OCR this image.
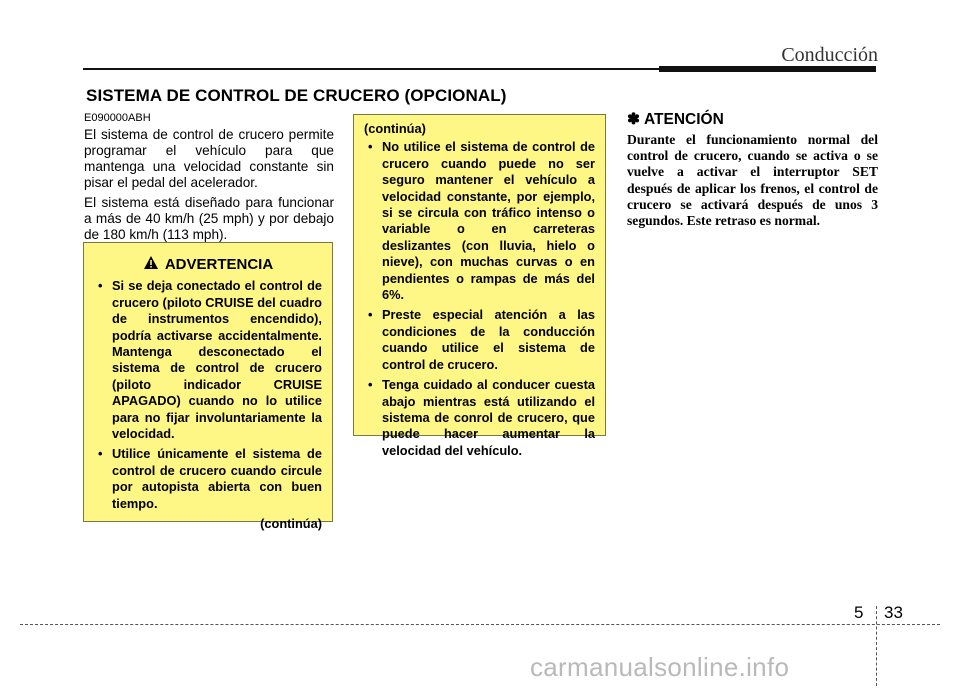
Conducción
SISTEMA DE CONTROL DE CRUCERO (OPCIONAL)
E090000ABH

El sistema de control de crucero permite programar el vehículo para que mantenga una velocidad constante sin pisar el pedal del acelerador.

El sistema está diseñado para funcionar a más de 40 km/h (25 mph) y por debajo de 180 km/h (113 mph).

ADVERTENCIA
• Si se deja conectado el control de crucero (piloto CRUISE del cuadro de instrumentos encendido), podría activarse accidentalmente. Mantenga desconectado el sistema de control de crucero (piloto indicador CRUISE APAGADO) cuando no lo utilice para no fijar involuntariamente la velocidad.
• Utilice únicamente el sistema de control de crucero cuando circule por autopista abierta con buen tiempo.
(continúa)
(continúa)
• No utilice el sistema de control de crucero cuando puede no ser seguro mantener el vehículo a velocidad constante, por ejemplo, si se circula con tráfico intenso o variable o en carreteras deslizantes (con lluvia, hielo o nieve), con muchas curvas o en pendientes o rampas de más del 6%.
• Preste especial atención a las condiciones de la conducción cuando utilice el sistema de control de crucero.
• Tenga cuidado al conducer cuesta abajo mientras está utilizando el sistema de conrol de crucero, que puede hacer aumentar la velocidad del vehículo.
✽ ATENCIÓN
Durante el funcionamiento normal del control de crucero, cuando se activa o se vuelve a activar el interruptor SET después de aplicar los frenos, el control de crucero se activará después de unos 3 segundos. Este retraso es normal.
5 33
carmanualsonline.info
